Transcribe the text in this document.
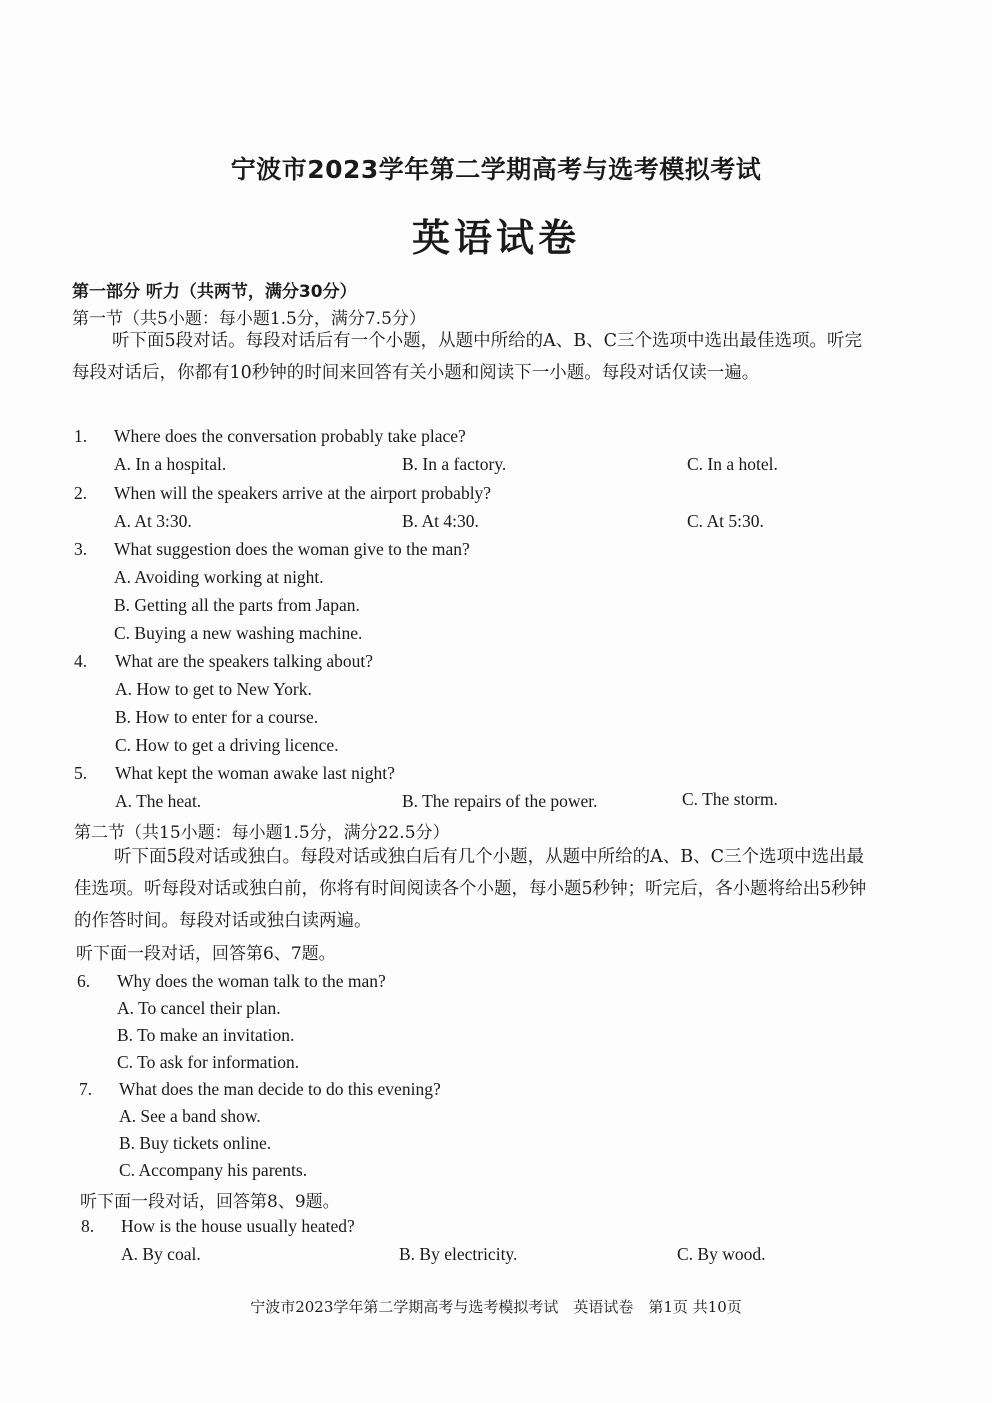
宁波市2023学年第二学期高考与选考模拟考试
英语试卷
第一部分 听力（共两节，满分30分）
第一节（共5小题：每小题1.5分，满分7.5分）
听下面5段对话。每段对话后有一个小题，从题中所给的A、B、C三个选项中选出最佳选项。听完每段对话后，你都有10秒钟的时间来回答有关小题和阅读下一小题。每段对话仅读一遍。
1. Where does the conversation probably take place?
A. In a hospital.	B. In a factory.	C. In a hotel.
2. When will the speakers arrive at the airport probably?
A. At 3:30.	B. At 4:30.	C. At 5:30.
3. What suggestion does the woman give to the man?
A. Avoiding working at night.
B. Getting all the parts from Japan.
C. Buying a new washing machine.
4. What are the speakers talking about?
A. How to get to New York.
B. How to enter for a course.
C. How to get a driving licence.
5. What kept the woman awake last night?
A. The heat.	B. The repairs of the power.	C. The storm.
第二节（共15小题：每小题1.5分，满分22.5分）
听下面5段对话或独白。每段对话或独白后有几个小题，从题中所给的A、B、C三个选项中选出最佳选项。听每段对话或独白前，你将有时间阅读各个小题，每小题5秒钟；听完后，各小题将给出5秒钟的作答时间。每段对话或独白读两遍。
听下面一段对话，回答第6、7题。
6. Why does the woman talk to the man?
A. To cancel their plan.
B. To make an invitation.
C. To ask for information.
7. What does the man decide to do this evening?
A. See a band show.
B. Buy tickets online.
C. Accompany his parents.
听下面一段对话，回答第8、9题。
8. How is the house usually heated?
A. By coal.	B. By electricity.	C. By wood.
宁波市2023学年第二学期高考与选考模拟考试　英语试卷　第1页 共10页
